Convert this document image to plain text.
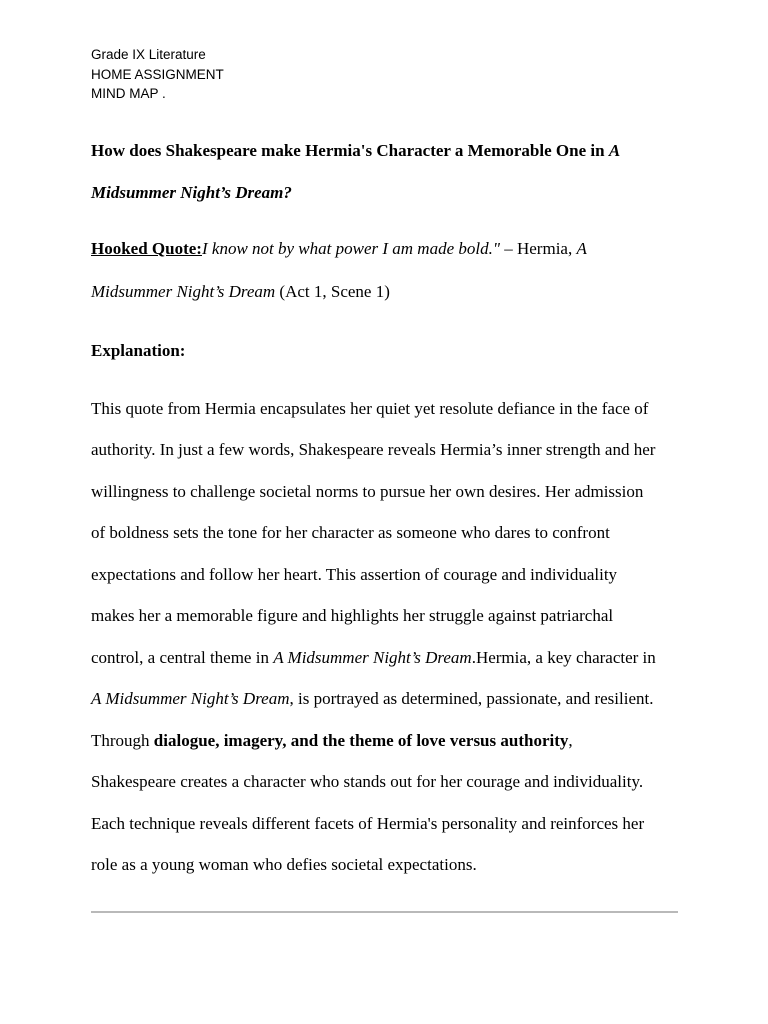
Grade IX Literature
HOME ASSIGNMENT
MIND MAP .
How does Shakespeare make Hermia's Character a Memorable One in A
Midsummer Night’s Dream?
Hooked Quote:I know not by what power I am made bold." – Hermia, A
Midsummer Night’s Dream (Act 1, Scene 1)
Explanation:
This quote from Hermia encapsulates her quiet yet resolute defiance in the face of
authority. In just a few words, Shakespeare reveals Hermia’s inner strength and her
willingness to challenge societal norms to pursue her own desires. Her admission
of boldness sets the tone for her character as someone who dares to confront
expectations and follow her heart. This assertion of courage and individuality
makes her a memorable figure and highlights her struggle against patriarchal
control, a central theme in A Midsummer Night’s Dream.Hermia, a key character in
A Midsummer Night’s Dream, is portrayed as determined, passionate, and resilient.
Through dialogue, imagery, and the theme of love versus authority,
Shakespeare creates a character who stands out for her courage and individuality.
Each technique reveals different facets of Hermia's personality and reinforces her
role as a young woman who defies societal expectations.
